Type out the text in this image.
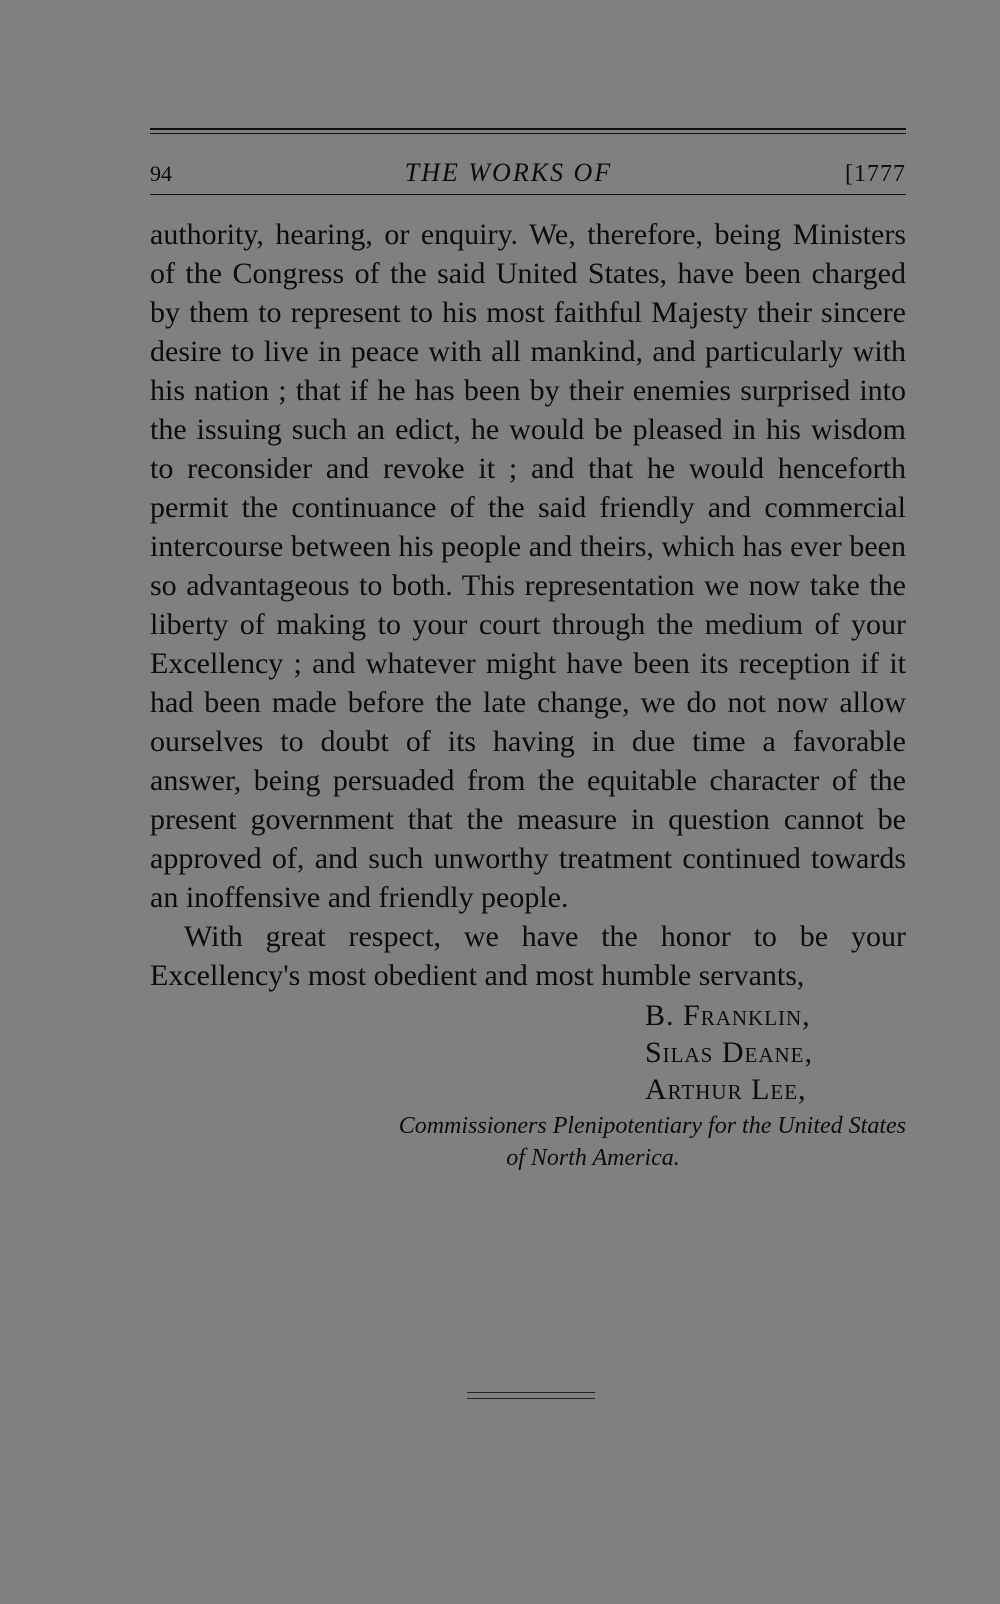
94	THE WORKS OF	[1777

authority, hearing, or enquiry. We, therefore, being Ministers of the Congress of the said United States, have been charged by them to represent to his most faithful Majesty their sincere desire to live in peace with all mankind, and particularly with his nation ; that if he has been by their enemies surprised into the issuing such an edict, he would be pleased in his wisdom to reconsider and revoke it ; and that he would henceforth permit the continuance of the said friendly and commercial intercourse between his people and theirs, which has ever been so advantageous to both. This representation we now take the liberty of making to your court through the medium of your Excellency ; and whatever might have been its reception if it had been made before the late change, we do not now allow ourselves to doubt of its having in due time a favorable answer, being persuaded from the equitable character of the present government that the measure in question cannot be approved of, and such unworthy treatment continued towards an inoffensive and friendly people.

With great respect, we have the honor to be your Excellency's most obedient and most humble servants,

B. Franklin,
Silas Deane,
Arthur Lee,
Commissioners Plenipotentiary for the United States
of North America.
